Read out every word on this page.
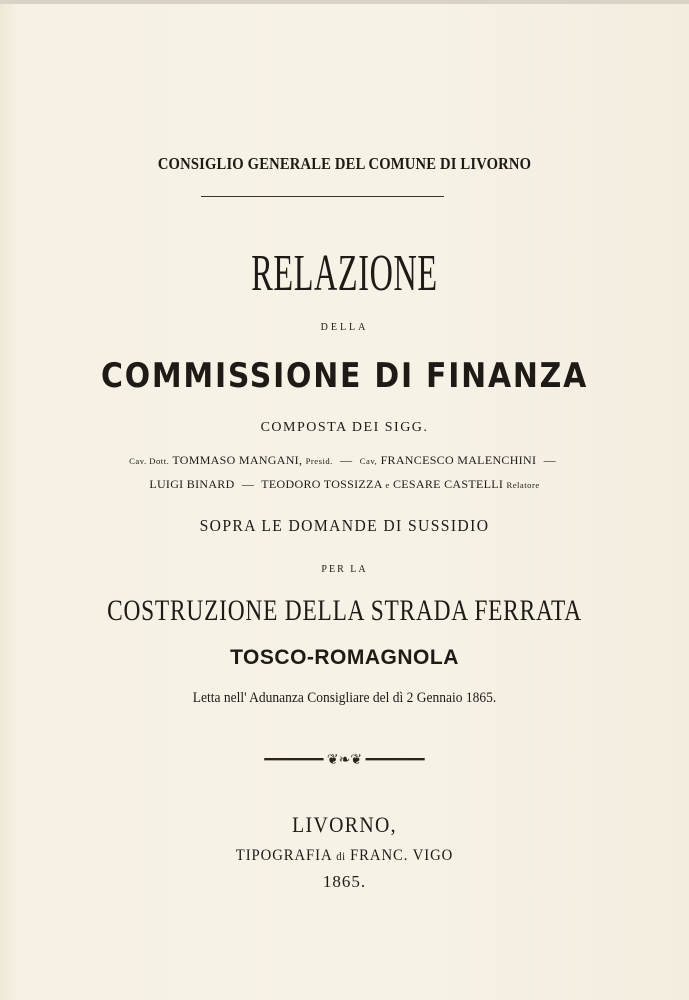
CONSIGLIO GENERALE DEL COMUNE DI LIVORNO
RELAZIONE
DELLA
COMMISSIONE DI FINANZA
COMPOSTA DEI SIGG.
Cav. Dott. TOMMASO MANGANI, Presid. — Cav, FRANCESCO MALENCHINI —
LUIGI BINARD — TEODORO TOSSIZZA e CESARE CASTELLI Relatore
SOPRA LE DOMANDE DI SUSSIDIO
PER LA
COSTRUZIONE DELLA STRADA FERRATA
TOSCO-ROMAGNOLA
Letta nell' Adunanza Consigliare del dì 2 Gennaio 1865.
━━━━━━━ ❦❧❦ ━━━━━━━
LIVORNO,
TIPOGRAFIA di FRANC. VIGO
1865.
